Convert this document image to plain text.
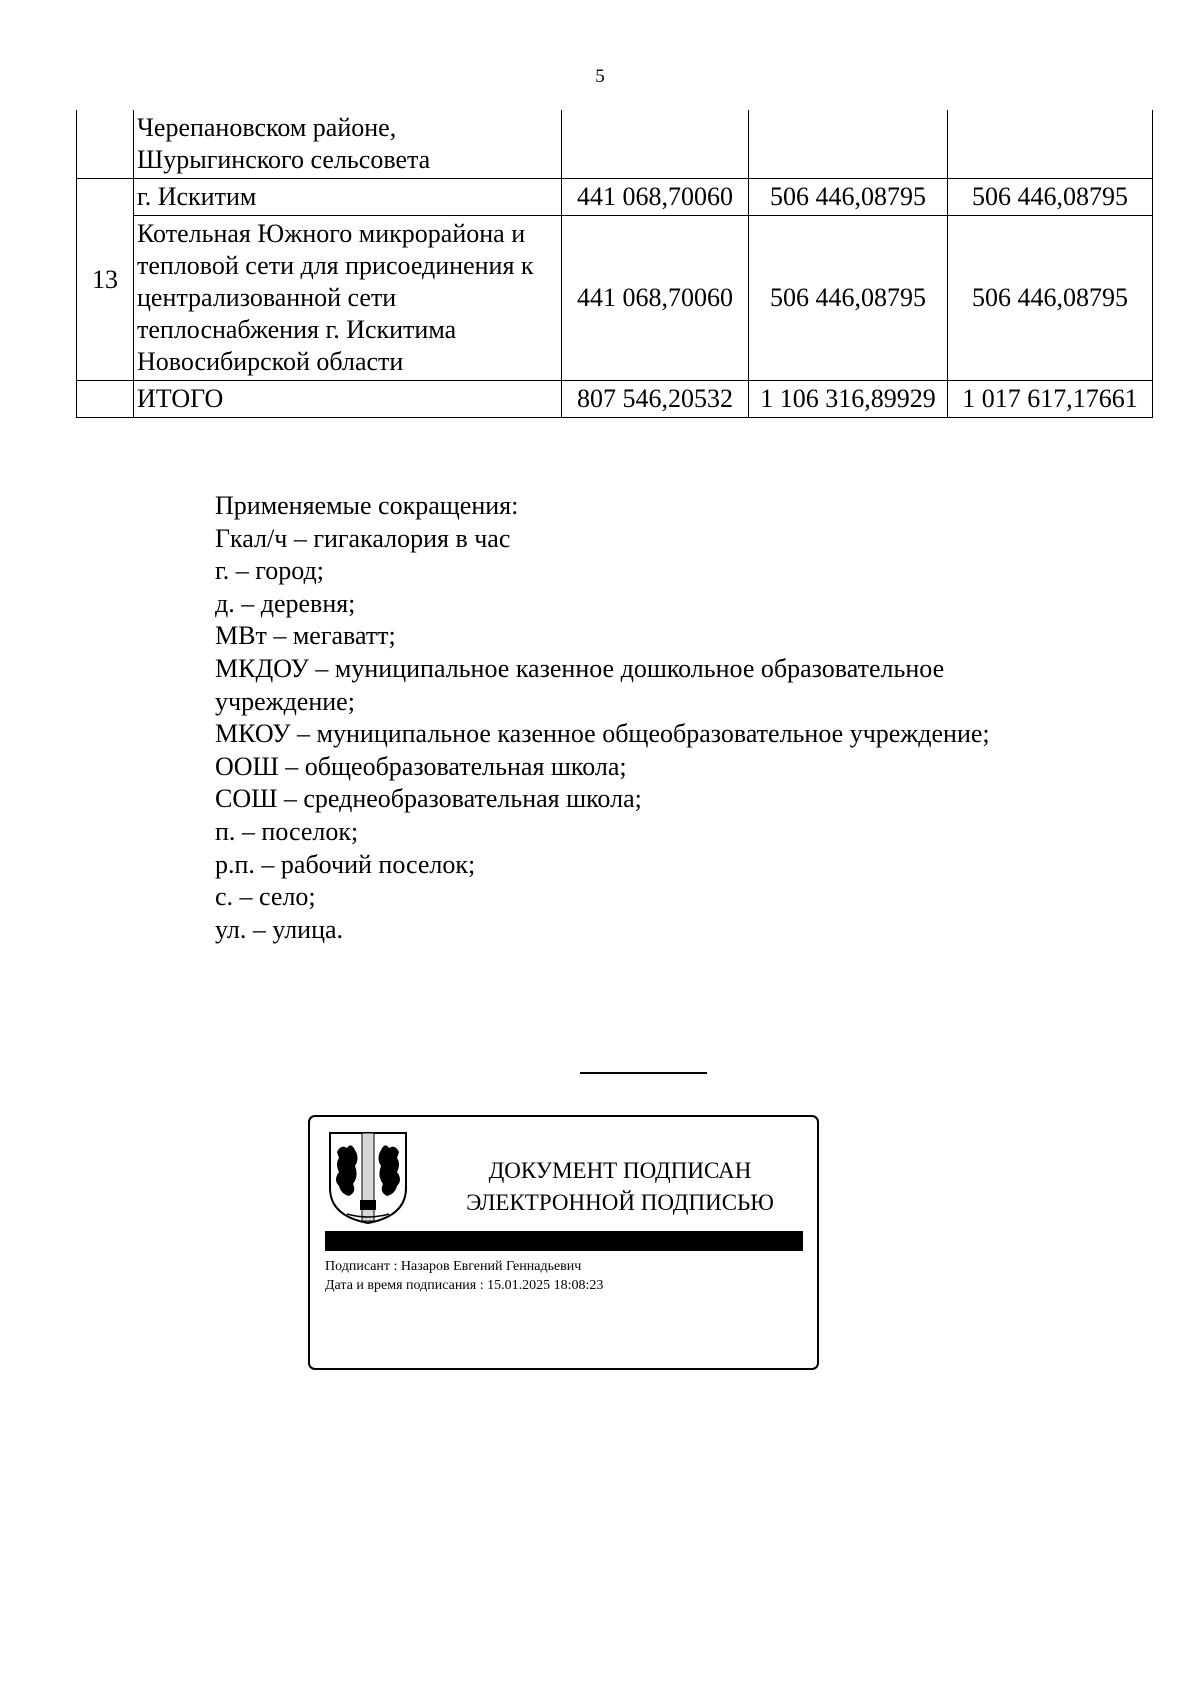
5
	Черепановском районе,
Шурыгинского сельсовета			
13	г. Искитим	441 068,70060	506 446,08795	506 446,08795
	Котельная Южного микрорайона и тепловой сети для присоединения к централизованной сети теплоснабжения г. Искитима Новосибирской области	441 068,70060	506 446,08795	506 446,08795
	ИТОГО	807 546,20532	1 106 316,89929	1 017 617,17661
Применяемые сокращения:
Гкал/ч – гигакалория в час
г. – город;
д. – деревня;
МВт – мегаватт;
МКДОУ – муниципальное казенное дошкольное образовательное
учреждение;
МКОУ – муниципальное казенное общеобразовательное учреждение;
ООШ – общеобразовательная школа;
СОШ – среднеобразовательная школа;
п. – поселок;
р.п. – рабочий поселок;
с. – село;
ул. – улица.
ДОКУМЕНТ ПОДПИСАН
ЭЛЕКТРОННОЙ ПОДПИСЬЮ
Подписант : Назаров Евгений Геннадьевич
Дата и время подписания : 15.01.2025 18:08:23
